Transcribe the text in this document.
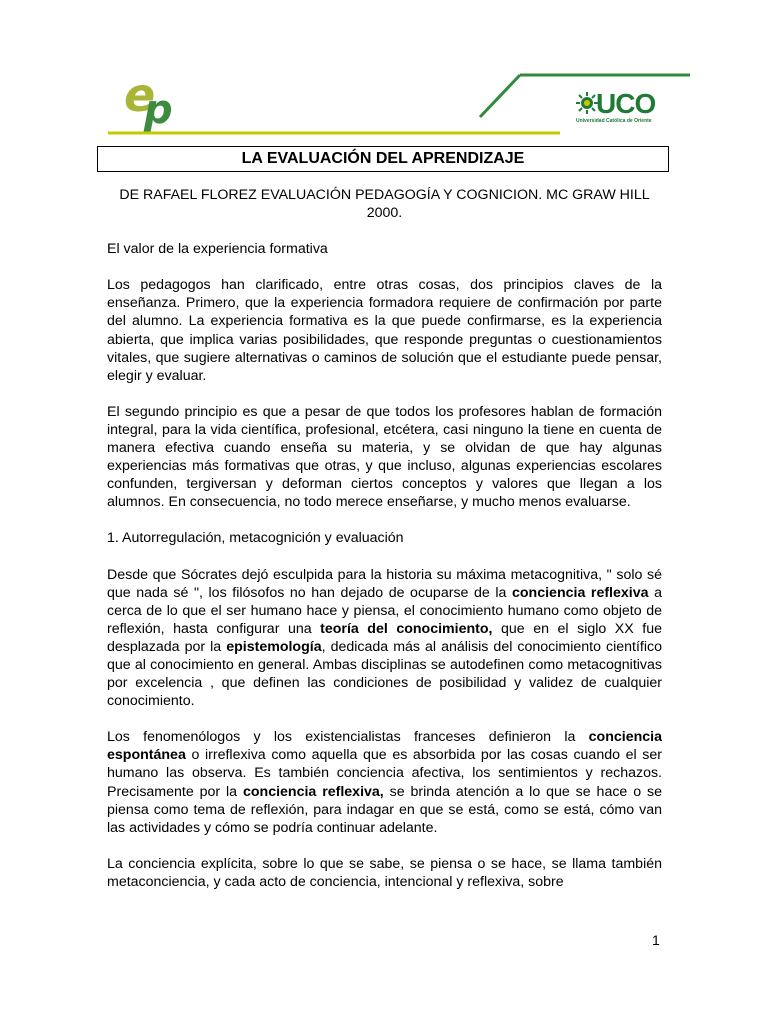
e
p	UCO
Universidad Católica de Oriente
LA EVALUACIÓN DEL APRENDIZAJE

DE RAFAEL FLOREZ EVALUACIÓN PEDAGOGÍA Y COGNICION. MC GRAW HILL 2000.

El valor de la experiencia formativa

Los pedagogos han clarificado, entre otras cosas, dos principios claves de la enseñanza. Primero, que la experiencia formadora requiere de confirmación por parte del alumno. La experiencia formativa es la que puede confirmarse, es la experiencia abierta, que implica varias posibilidades, que responde preguntas o cuestionamientos vitales, que sugiere alternativas o caminos de solución que el estudiante puede pensar, elegir y evaluar.

El segundo principio es que a pesar de que todos los profesores hablan de formación integral, para la vida científica, profesional, etcétera, casi ninguno la tiene en cuenta de manera efectiva cuando enseña su materia, y se olvidan de que hay algunas experiencias más formativas que otras, y que incluso, algunas experiencias escolares confunden, tergiversan y deforman ciertos conceptos y valores que llegan a los alumnos. En consecuencia, no todo merece enseñarse, y mucho menos evaluarse.

1. Autorregulación, metacognición y evaluación

Desde que Sócrates dejó esculpida para la historia su máxima metacognitiva, " solo sé que nada sé ", los filósofos no han dejado de ocuparse de la conciencia reflexiva a cerca de lo que el ser humano hace y piensa, el conocimiento humano como objeto de reflexión, hasta configurar una teoría del conocimiento, que en el siglo XX fue desplazada por la epistemología, dedicada más al análisis del conocimiento científico que al conocimiento en general. Ambas disciplinas se autodefinen como metacognitivas por excelencia , que definen las condiciones de posibilidad y validez de cualquier conocimiento.

Los fenomenólogos y los existencialistas franceses definieron la conciencia espontánea o irreflexiva como aquella que es absorbida por las cosas cuando el ser humano las observa. Es también conciencia afectiva, los sentimientos y rechazos. Precisamente por la conciencia reflexiva, se brinda atención a lo que se hace o se piensa como tema de reflexión, para indagar en que se está, como se está, cómo van las actividades y cómo se podría continuar adelante.

La conciencia explícita, sobre lo que se sabe, se piensa o se hace, se llama también metaconciencia, y cada acto de conciencia, intencional y reflexiva, sobre

1
